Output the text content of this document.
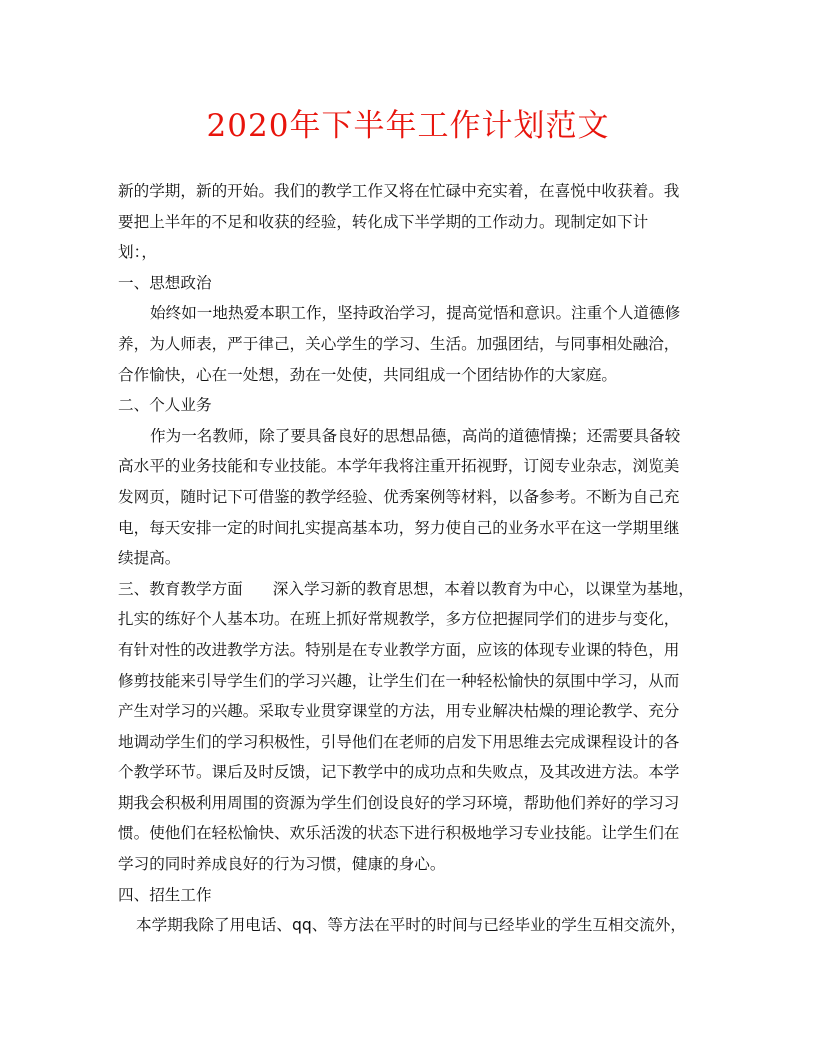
2020年下半年工作计划范文
新的学期，新的开始。我们的教学工作又将在忙碌中充实着，在喜悦中收获着。我
要把上半年的不足和收获的经验，转化成下半学期的工作动力。现制定如下计
划：，
一、思想政治
始终如一地热爱本职工作，坚持政治学习，提高觉悟和意识。注重个人道德修
养，为人师表，严于律己，关心学生的学习、生活。加强团结，与同事相处融洽，
合作愉快，心在一处想，劲在一处使，共同组成一个团结协作的大家庭。
二、个人业务
作为一名教师，除了要具备良好的思想品德，高尚的道德情操；还需要具备较
高水平的业务技能和专业技能。本学年我将注重开拓视野，订阅专业杂志，浏览美
发网页，随时记下可借鉴的教学经验、优秀案例等材料，以备参考。不断为自己充
电，每天安排一定的时间扎实提高基本功，努力使自己的业务水平在这一学期里继
续提高。
三、教育教学方面 深入学习新的教育思想，本着以教育为中心，以课堂为基地，
扎实的练好个人基本功。在班上抓好常规教学，多方位把握同学们的进步与变化，
有针对性的改进教学方法。特别是在专业教学方面，应该的体现专业课的特色，用
修剪技能来引导学生们的学习兴趣，让学生们在一种轻松愉快的氛围中学习，从而
产生对学习的兴趣。采取专业贯穿课堂的方法，用专业解决枯燥的理论教学、充分
地调动学生们的学习积极性，引导他们在老师的启发下用思维去完成课程设计的各
个教学环节。课后及时反馈，记下教学中的成功点和失败点，及其改进方法。本学
期我会积极利用周围的资源为学生们创设良好的学习环境，帮助他们养好的学习习
惯。使他们在轻松愉快、欢乐活泼的状态下进行积极地学习专业技能。让学生们在
学习的同时养成良好的行为习惯，健康的身心。
四、招生工作
本学期我除了用电话、qq、等方法在平时的时间与已经毕业的学生互相交流外，
